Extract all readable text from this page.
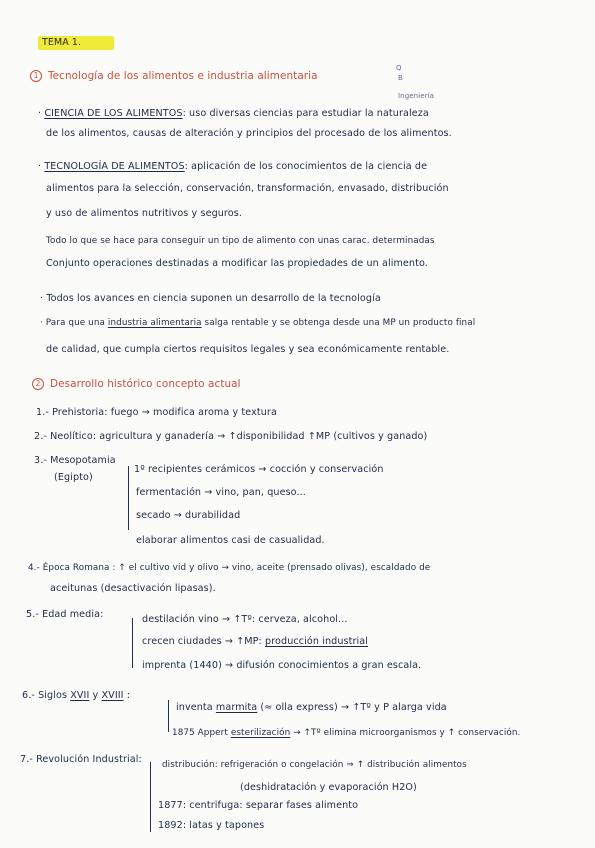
TEMA 1.
1 Tecnología de los alimentos e industria alimentaria
Q
B
Ingeniería
· CIENCIA DE LOS ALIMENTOS: uso diversas ciencias para estudiar la naturaleza
de los alimentos, causas de alteración y principios del procesado de los alimentos.
· TECNOLOGÍA DE ALIMENTOS: aplicación de los conocimientos de la ciencia de
alimentos para la selección, conservación, transformación, envasado, distribución
y uso de alimentos nutritivos y seguros.
Todo lo que se hace para conseguir un tipo de alimento con unas carac. determinadas
Conjunto operaciones destinadas a modificar las propiedades de un alimento.
· Todos los avances en ciencia suponen un desarrollo de la tecnología
· Para que una industria alimentaria salga rentable y se obtenga desde una MP un producto final
de calidad, que cumpla ciertos requisitos legales y sea económicamente rentable.
2 Desarrollo histórico concepto actual
1.- Prehistoria: fuego → modifica aroma y textura
2.- Neolítico: agricultura y ganadería → ↑disponibilidad ↑MP (cultivos y ganado)
3.- Mesopotamia
(Egipto)
1º recipientes cerámicos → cocción y conservación
fermentación → vino, pan, queso...
secado → durabilidad
elaborar alimentos casi de casualidad.
4.- Época Romana : ↑ el cultivo vid y olivo → vino, aceite (prensado olivas), escaldado de
aceitunas (desactivación lipasas).
5.- Edad media:	destilación vino → ↑Tº: cerveza, alcohol...
crecen ciudades → ↑MP: producción industrial
imprenta (1440) → difusión conocimientos a gran escala.
6.- Siglos XVII y XVIII :
inventa marmita (≈ olla express) → ↑Tº y P alarga vida
1875 Appert esterilización → ↑Tº elimina microorganismos y ↑ conservación.
7.- Revolución Industrial: distribución: refrigeración o congelación ⇒ ↑ distribución alimentos
(deshidratación y evaporación H2O)
1877: centrifuga: separar fases alimento
1892: latas y tapones
